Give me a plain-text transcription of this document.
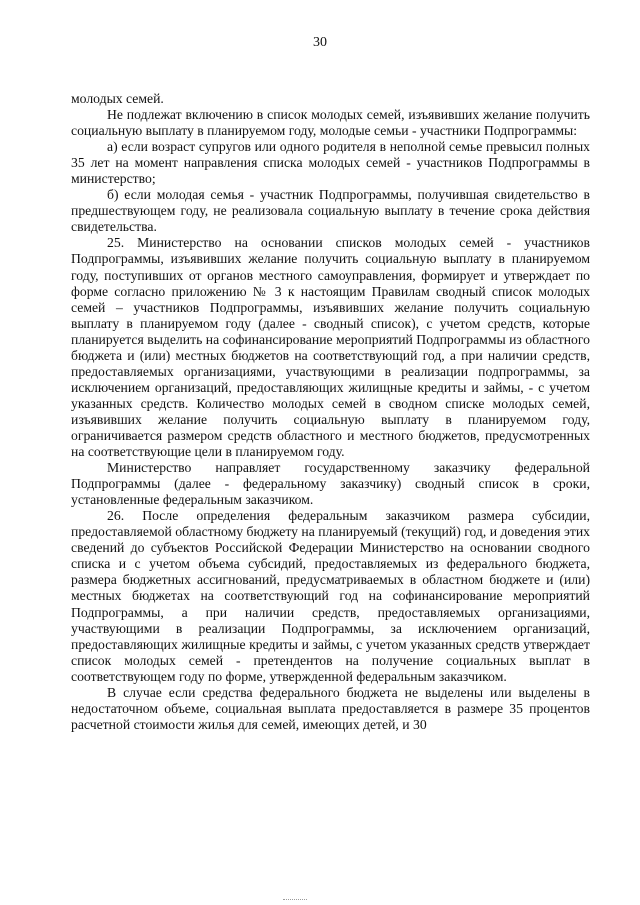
30

молодых семей.

Не подлежат включению в список молодых семей, изъявивших желание получить социальную выплату в планируемом году, молодые семьи - участники Подпрограммы:

а) если возраст супругов или одного родителя в неполной семье превысил полных 35 лет на момент направления списка молодых семей - участников Подпрограммы в министерство;

б) если молодая семья - участник Подпрограммы, получившая свидетельство в предшествующем году, не реализовала социальную выплату в течение срока действия свидетельства.

25. Министерство на основании списков молодых семей - участников Подпрограммы, изъявивших желание получить социальную выплату в планируемом году, поступивших от органов местного самоуправления, формирует и утверждает по форме согласно приложению № 3 к настоящим Правилам сводный список молодых семей – участников Подпрограммы, изъявивших желание получить социальную выплату в планируемом году (далее - сводный список), с учетом средств, которые планируется выделить на софинансирование мероприятий Подпрограммы из областного бюджета и (или) местных бюджетов на соответствующий год, а при наличии средств, предоставляемых организациями, участвующими в реализации подпрограммы, за исключением организаций, предоставляющих жилищные кредиты и займы, - с учетом указанных средств. Количество молодых семей в сводном списке молодых семей, изъявивших желание получить социальную выплату в планируемом году, ограничивается размером средств областного и местного бюджетов, предусмотренных на соответствующие цели в планируемом году.

Министерство направляет государственному заказчику федеральной Подпрограммы (далее - федеральному заказчику) сводный список в сроки, установленные федеральным заказчиком.

26. После определения федеральным заказчиком размера субсидии, предоставляемой областному бюджету на планируемый (текущий) год, и доведения этих сведений до субъектов Российской Федерации Министерство на основании сводного списка и с учетом объема субсидий, предоставляемых из федерального бюджета, размера бюджетных ассигнований, предусматриваемых в областном бюджете и (или) местных бюджетах на соответствующий год на софинансирование мероприятий Подпрограммы, а при наличии средств, предоставляемых организациями, участвующими в реализации Подпрограммы, за исключением организаций, предоставляющих жилищные кредиты и займы, с учетом указанных средств утверждает список молодых семей - претендентов на получение социальных выплат в соответствующем году по форме, утвержденной федеральным заказчиком.

В случае если средства федерального бюджета не выделены или выделены в недостаточном объеме, социальная выплата предоставляется в размере 35 процентов расчетной стоимости жилья для семей, имеющих детей, и 30
